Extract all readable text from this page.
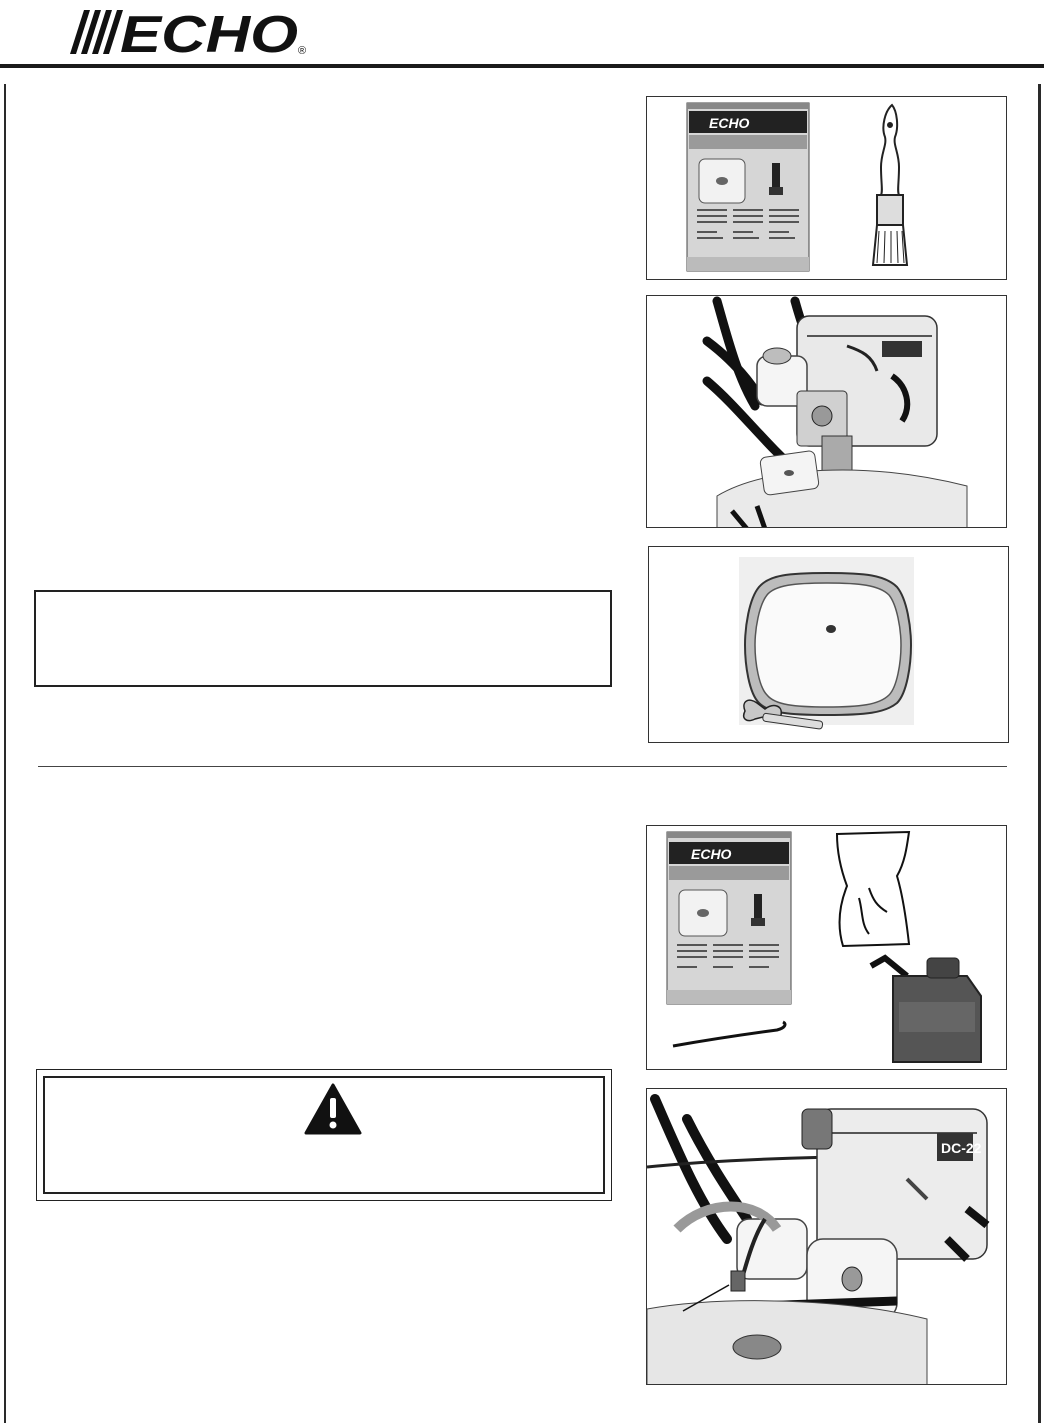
ECHO ®
ECHO
ECHO
DC-22
